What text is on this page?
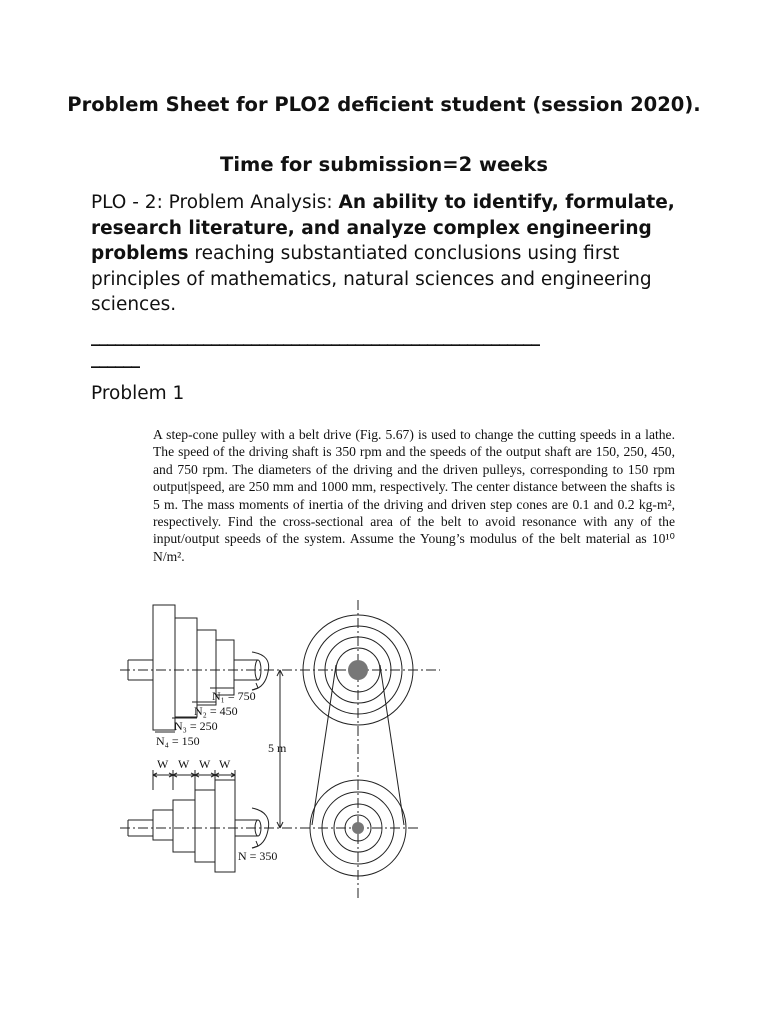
Problem Sheet for PLO2 deficient student (session 2020).
Time for submission=2 weeks
PLO - 2: Problem Analysis: An ability to identify, formulate, research literature, and analyze complex engineering problems reaching substantiated conclusions using first principles of mathematics, natural sciences and engineering sciences.
________________________________________________________
______
Problem 1

A step-cone pulley with a belt drive (Fig. 5.67) is used to change the cutting speeds in a lathe. The speed of the driving shaft is 350 rpm and the speeds of the output shaft are 150, 250, 450, and 750 rpm. The diameters of the driving and the driven pulleys, corresponding to 150 rpm output|speed, are 250 mm and 1000 mm, respectively. The center distance between the shafts is 5 m. The mass moments of inertia of the driving and driven step cones are 0.1 and 0.2 kg-m², respectively. Find the cross-sectional area of the belt to avoid resonance with any of the input/output speeds of the system. Assume the Young’s modulus of the belt material as 10¹⁰ N/m².

N₁ = 750
N₂ = 450
N₃ = 250
N₄ = 150
W W W W
5 m
N = 350
